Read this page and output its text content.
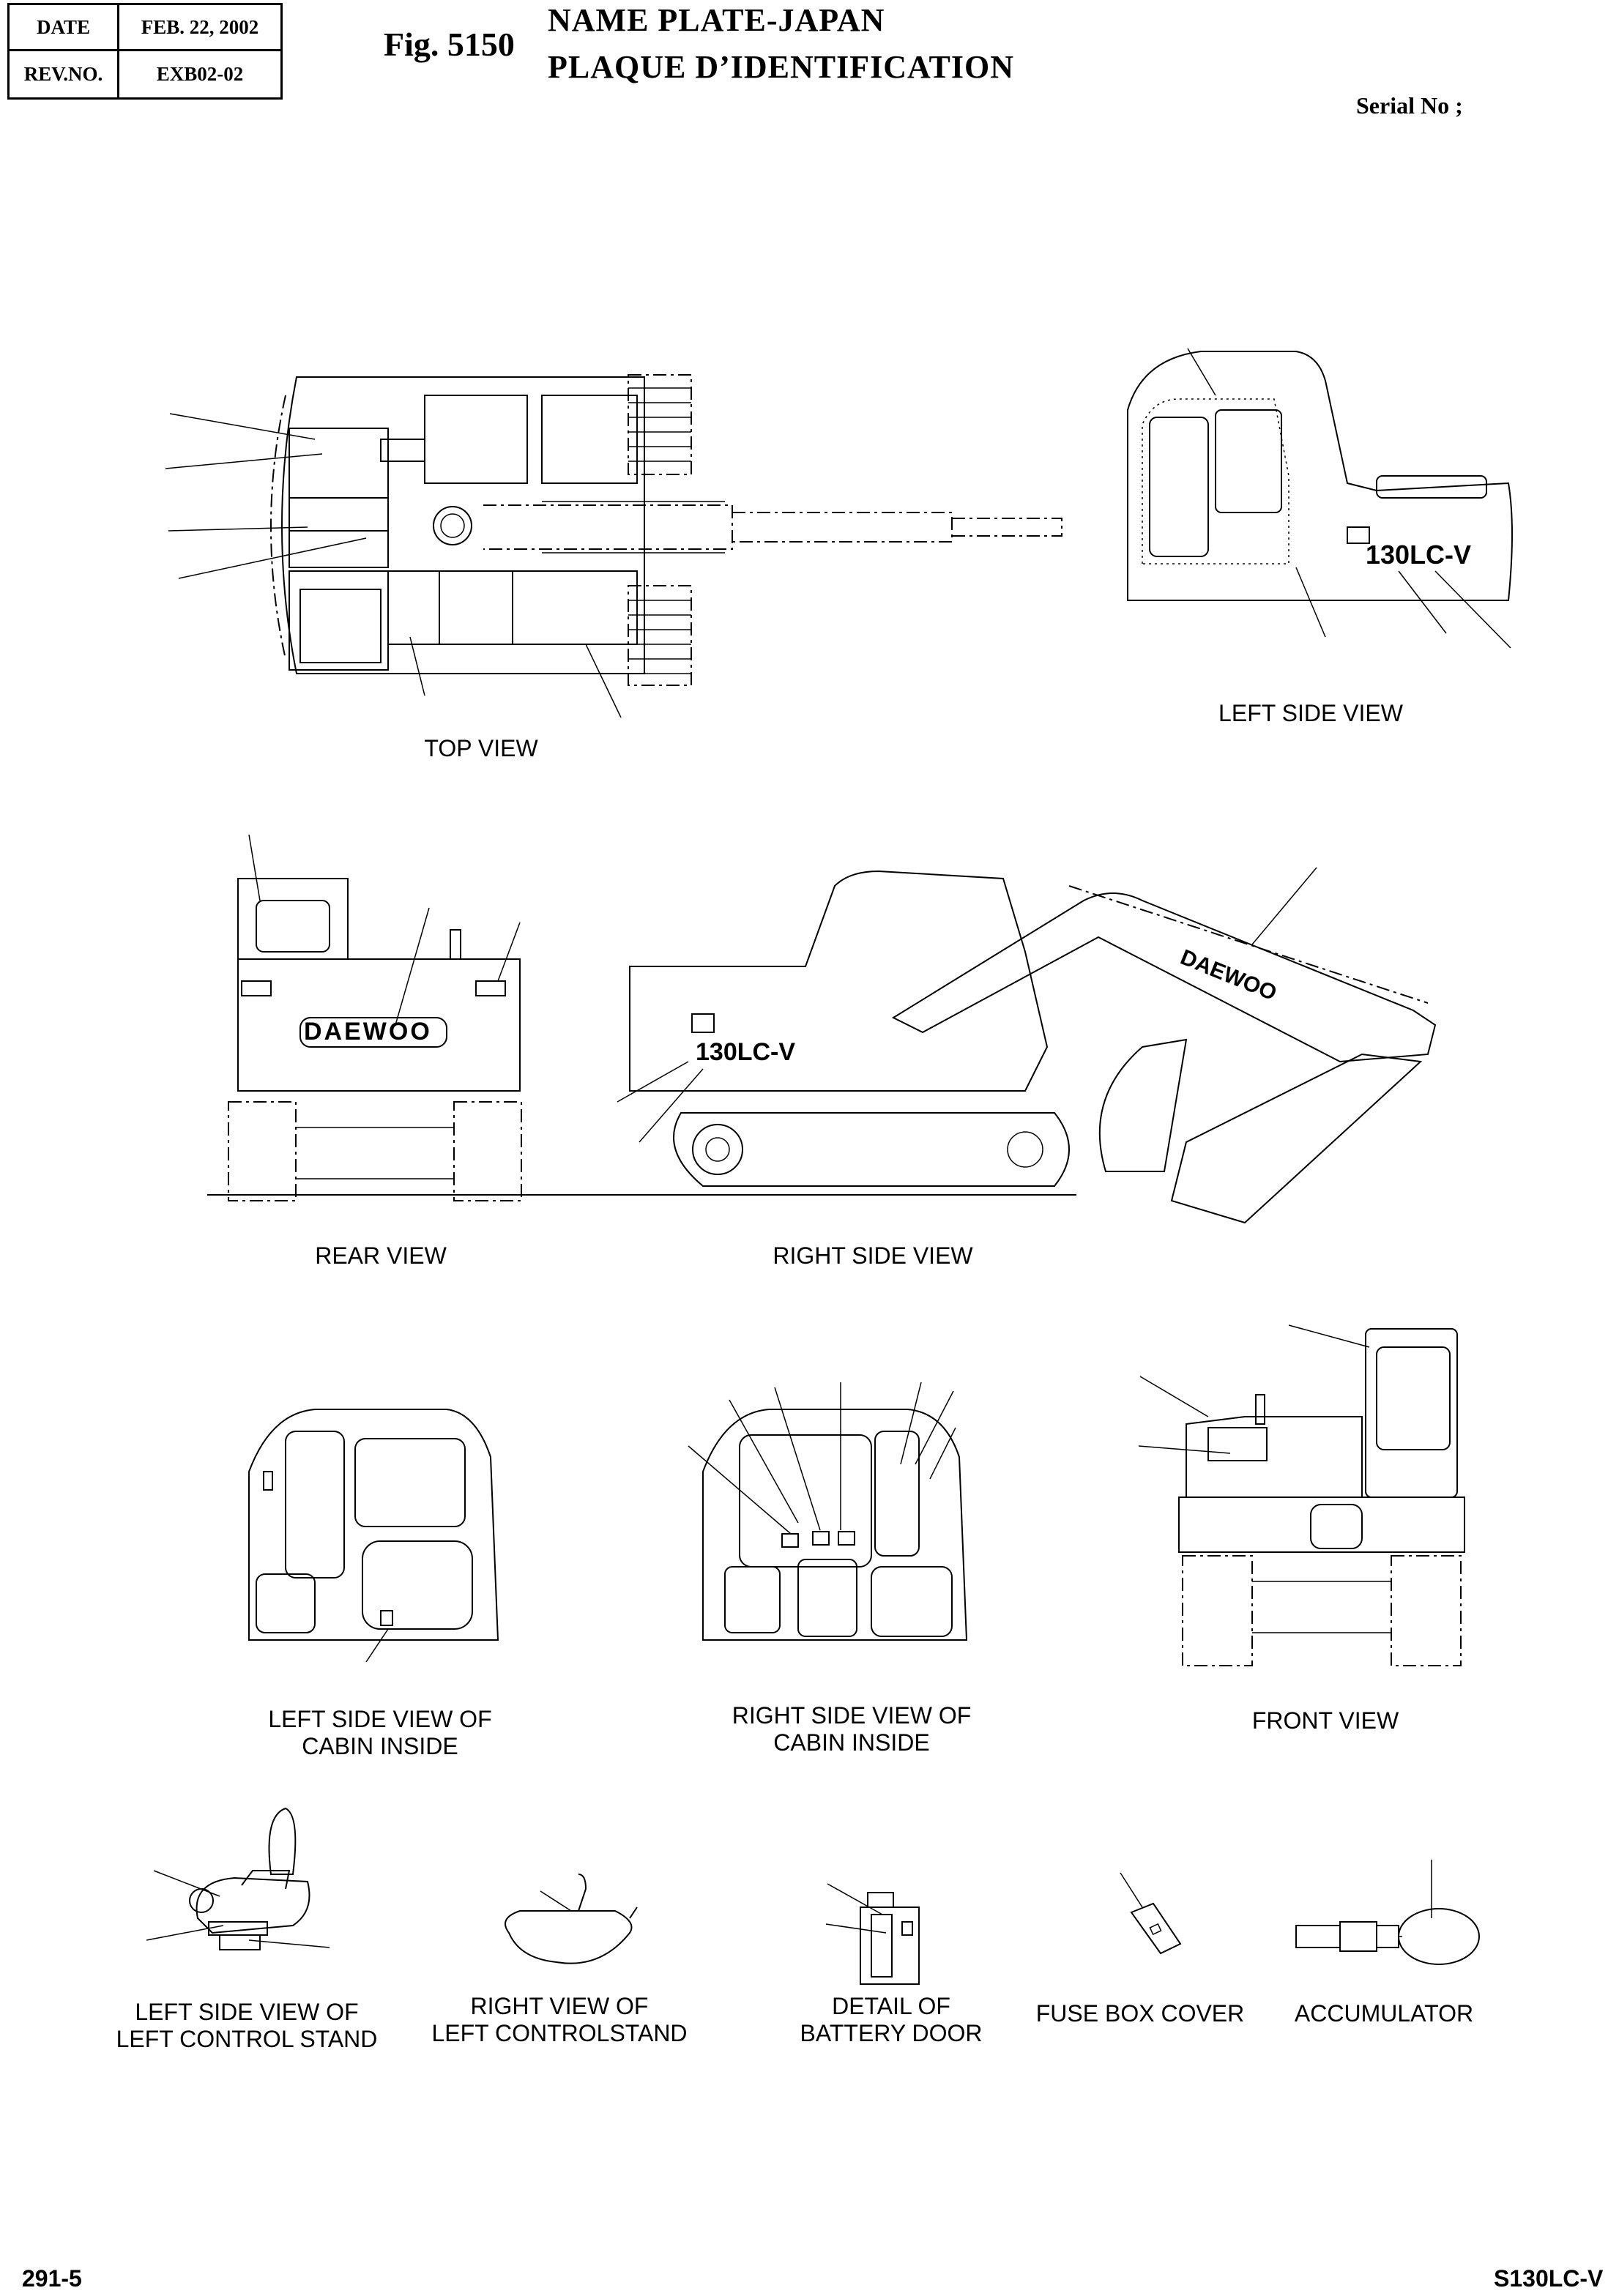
DATE	FEB. 22, 2002
REV.NO.	EXB02-02
Fig. 5150
NAME PLATE-JAPAN
PLAQUE D’IDENTIFICATION
Serial No ;
130LC-V
DAEWOO
130LC-V
DAEWOO
TOP VIEW
LEFT SIDE VIEW
REAR VIEW	RIGHT SIDE VIEW
LEFT SIDE VIEW OF
CABIN INSIDE
RIGHT SIDE VIEW OF
CABIN INSIDE
FRONT VIEW
LEFT SIDE VIEW OF
LEFT CONTROL STAND
RIGHT VIEW OF
LEFT CONTROLSTAND
DETAIL OF
BATTERY DOOR
FUSE BOX COVER ACCUMULATOR
291-5	S130LC-V
